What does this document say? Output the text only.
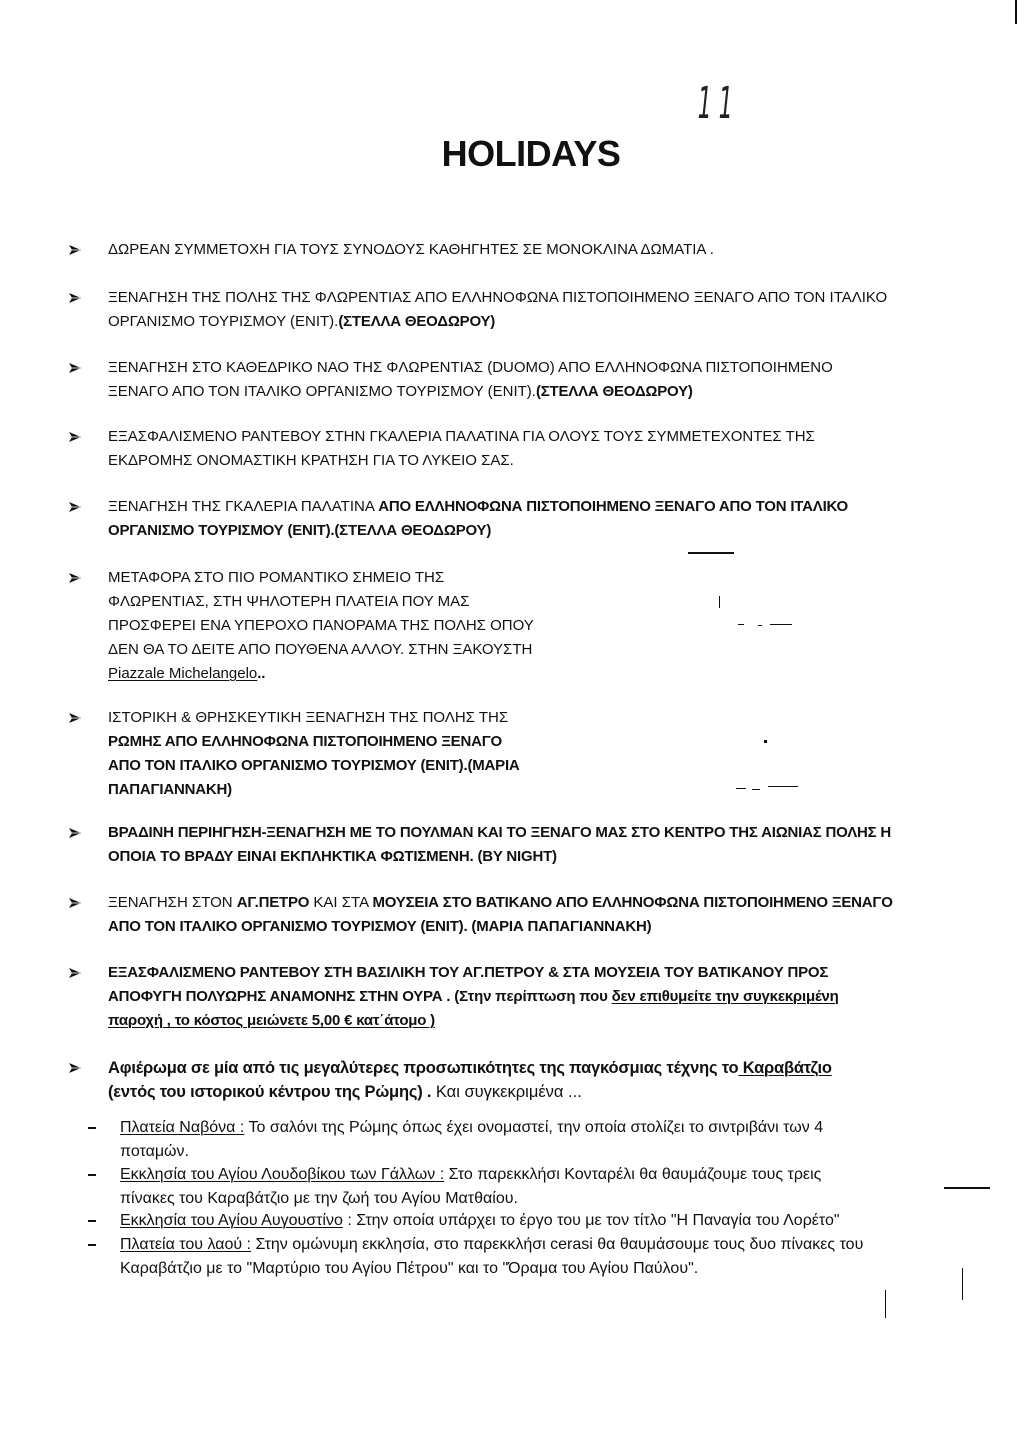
HOLIDAYS
11
ΔΩΡΕΑΝ ΣΥΜΜΕΤΟΧΗ ΓΙΑ ΤΟΥΣ ΣΥΝΟΔΟΥΣ ΚΑΘΗΓΗΤΕΣ ΣΕ ΜΟΝΟΚΛΙΝΑ ΔΩΜΑΤΙΑ .
ΞΕΝΑΓΗΣΗ ΤΗΣ ΠΟΛΗΣ ΤΗΣ ΦΛΩΡΕΝΤΙΑΣ ΑΠΟ ΕΛΛΗΝΟΦΩΝΑ ΠΙΣΤΟΠΟΙΗΜΕΝΟ ΞΕΝΑΓΟ ΑΠΟ ΤΟΝ ΙΤΑΛΙΚΟ
ΟΡΓΑΝΙΣΜΟ ΤΟΥΡΙΣΜΟΥ (ΕΝΙΤ).(ΣΤΕΛΛΑ ΘΕΟΔΩΡΟΥ)
ΞΕΝΑΓΗΣΗ ΣΤΟ ΚΑΘΕΔΡΙΚΟ ΝΑΟ ΤΗΣ ΦΛΩΡΕΝΤΙΑΣ (DUOMO) ΑΠΟ ΕΛΛΗΝΟΦΩΝΑ ΠΙΣΤΟΠΟΙΗΜΕΝΟ
ΞΕΝΑΓΟ ΑΠΟ ΤΟΝ ΙΤΑΛΙΚΟ ΟΡΓΑΝΙΣΜΟ ΤΟΥΡΙΣΜΟΥ (ΕΝΙΤ).(ΣΤΕΛΛΑ ΘΕΟΔΩΡΟΥ)
ΕΞΑΣΦΑΛΙΣΜΕΝΟ ΡΑΝΤΕΒΟΥ ΣΤΗΝ ΓΚΑΛΕΡΙΑ ΠΑΛΑΤΙΝΑ ΓΙΑ ΟΛΟΥΣ ΤΟΥΣ ΣΥΜΜΕΤΕΧΟΝΤΕΣ ΤΗΣ
ΕΚΔΡΟΜΗΣ ΟΝΟΜΑΣΤΙΚΗ ΚΡΑΤΗΣΗ ΓΙΑ ΤΟ ΛΥΚΕΙΟ ΣΑΣ.
ΞΕΝΑΓΗΣΗ ΤΗΣ ΓΚΑΛΕΡΙΑ ΠΑΛΑΤΙΝΑ ΑΠΟ ΕΛΛΗΝΟΦΩΝΑ ΠΙΣΤΟΠΟΙΗΜΕΝΟ ΞΕΝΑΓΟ ΑΠΟ ΤΟΝ ΙΤΑΛΙΚΟ
ΟΡΓΑΝΙΣΜΟ ΤΟΥΡΙΣΜΟΥ (ΕΝΙΤ).(ΣΤΕΛΛΑ ΘΕΟΔΩΡΟΥ)
ΜΕΤΑΦΟΡΑ ΣΤΟ ΠΙΟ ΡΟΜΑΝΤΙΚΟ ΣΗΜΕΙΟ ΤΗΣ
ΦΛΩΡΕΝΤΙΑΣ, ΣΤΗ ΨΗΛΟΤΕΡΗ ΠΛΑΤΕΙΑ ΠΟΥ ΜΑΣ
ΠΡΟΣΦΕΡΕΙ ΕΝΑ ΥΠΕΡΟΧΟ ΠΑΝΟΡΑΜΑ ΤΗΣ ΠΟΛΗΣ ΟΠΟΥ
ΔΕΝ ΘΑ ΤΟ ΔΕΙΤΕ ΑΠΟ ΠΟΥΘΕΝΑ ΑΛΛΟΥ. ΣΤΗΝ ΞΑΚΟΥΣΤΗ
Piazzale Michelangelo..
ΙΣΤΟΡΙΚΗ & ΘΡΗΣΚΕΥΤΙΚΗ ΞΕΝΑΓΗΣΗ ΤΗΣ ΠΟΛΗΣ ΤΗΣ
ΡΩΜΗΣ ΑΠΟ ΕΛΛΗΝΟΦΩΝΑ ΠΙΣΤΟΠΟΙΗΜΕΝΟ ΞΕΝΑΓΟ
ΑΠΟ ΤΟΝ ΙΤΑΛΙΚΟ ΟΡΓΑΝΙΣΜΟ ΤΟΥΡΙΣΜΟΥ (ΕΝΙΤ).(ΜΑΡΙΑ
ΠΑΠΑΓΙΑΝΝΑΚΗ)
ΒΡΑΔΙΝΗ ΠΕΡΙΗΓΗΣΗ-ΞΕΝΑΓΗΣΗ ΜΕ ΤΟ ΠΟΥΛΜΑΝ ΚΑΙ ΤΟ ΞΕΝΑΓΟ ΜΑΣ ΣΤΟ ΚΕΝΤΡΟ ΤΗΣ ΑΙΩΝΙΑΣ ΠΟΛΗΣ Η
ΟΠΟΙΑ ΤΟ ΒΡΑΔΥ ΕΙΝΑΙ ΕΚΠΛΗΚΤΙΚΑ ΦΩΤΙΣΜΕΝΗ. (BY NIGHT)
ΞΕΝΑΓΗΣΗ ΣΤΟΝ ΑΓ.ΠΕΤΡΟ ΚΑΙ ΣΤΑ ΜΟΥΣΕΙΑ ΣΤΟ ΒΑΤΙΚΑΝΟ ΑΠΟ ΕΛΛΗΝΟΦΩΝΑ ΠΙΣΤΟΠΟΙΗΜΕΝΟ ΞΕΝΑΓΟ
ΑΠΟ ΤΟΝ ΙΤΑΛΙΚΟ ΟΡΓΑΝΙΣΜΟ ΤΟΥΡΙΣΜΟΥ (ΕΝΙΤ). (ΜΑΡΙΑ ΠΑΠΑΓΙΑΝΝΑΚΗ)
ΕΞΑΣΦΑΛΙΣΜΕΝΟ ΡΑΝΤΕΒΟΥ ΣΤΗ ΒΑΣΙΛΙΚΗ ΤΟΥ ΑΓ.ΠΕΤΡΟΥ & ΣΤΑ ΜΟΥΣΕΙΑ ΤΟΥ ΒΑΤΙΚΑΝΟΥ ΠΡΟΣ
ΑΠΟΦΥΓΗ ΠΟΛΥΩΡΗΣ ΑΝΑΜΟΝΗΣ ΣΤΗΝ ΟΥΡΑ . (Στην περίπτωση που δεν επιθυμείτε την συγκεκριμένη
παροχή , το κόστος μειώνετε 5,00 € κατ΄άτομο )
Αφιέρωμα σε μία από τις μεγαλύτερες προσωπικότητες της παγκόσμιας τέχνης το Καραβάτζιο
(εντός του ιστορικού κέντρου της Ρώμης) . Και συγκεκριμένα ...
Πλατεία Ναβόνα : Το σαλόνι της Ρώμης όπως έχει ονομαστεί, την οποία στολίζει το σιντριβάνι των 4
ποταμών.
Εκκλησία του Αγίου Λουδοβίκου των Γάλλων : Στο παρεκκλήσι Κονταρέλι θα θαυμάζουμε τους τρεις
πίνακες του Καραβάτζιο με την ζωή του Αγίου Ματθαίου.
Εκκλησία του Αγίου Αυγουστίνο : Στην οποία υπάρχει το έργο του με τον τίτλο "Η Παναγία του Λορέτο"
Πλατεία του λαού : Στην ομώνυμη εκκλησία, στο παρεκκλήσι cerasi θα θαυμάσουμε τους δυο πίνακες του
Καραβάτζιο με το "Μαρτύριο του Αγίου Πέτρου" και το "Όραμα του Αγίου Παύλου".
